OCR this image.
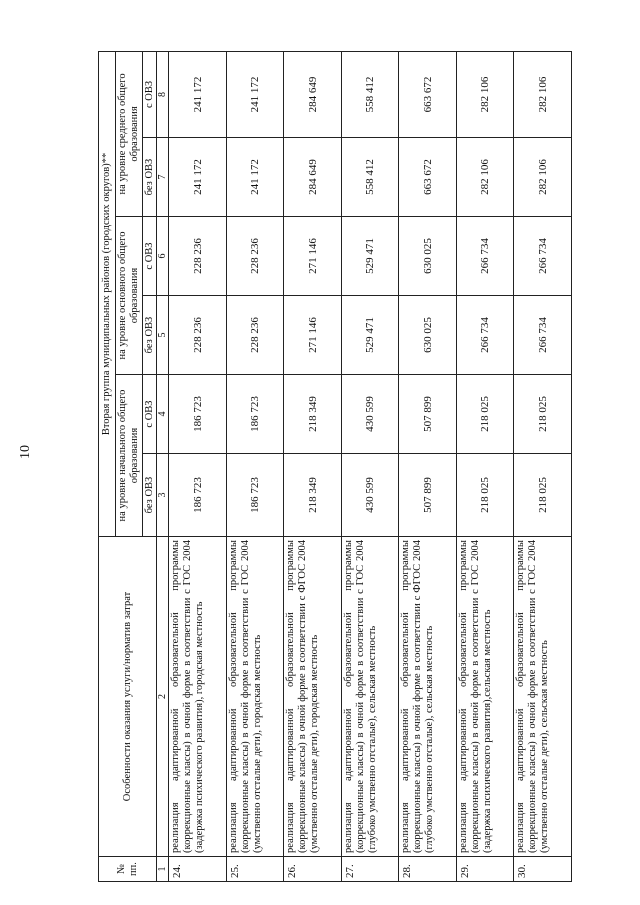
10
№ пп.	Особенности оказания услуги/норматив затрат	Вторая группа муниципальных районов (городских округов)**					
		на уровне начального общего образования		на уровне основного общего образования		на уровне среднего общего образования	
		без ОВЗ	с ОВЗ	без ОВЗ	с ОВЗ	без ОВЗ	с ОВЗ
1	2	3	4	5	6	7	8
24.	реализация адаптированной образовательной программы (коррекционные классы) в очной форме в соответствии с ГОС 2004 (задержка психического развития), городская местность	186 723	186 723	228 236	228 236	241 172	241 172
25.	реализация адаптированной образовательной программы (коррекционные классы) в очной форме в соответствии с ГОС 2004 (умственно отсталые дети), городская местность	186 723	186 723	228 236	228 236	241 172	241 172
26.	реализация адаптированной образовательной программы (коррекционные классы) в очной форме в соответствии с ФГОС 2004 (умственно отсталые дети), городская местность	218 349	218 349	271 146	271 146	284 649	284 649
27.	реализация адаптированной образовательной программы (коррекционные классы) в очной форме в соответствии с ГОС 2004 (глубоко умственно отсталые), сельская местность	430 599	430 599	529 471	529 471	558 412	558 412
28.	реализация адаптированной образовательной программы (коррекционные классы) в очной форме в соответствии с ФГОС 2004 (глубоко умственно отсталые), сельская местность	507 899	507 899	630 025	630 025	663 672	663 672
29.	реализация адаптированной образовательной программы (коррекционные классы) в очной форме в соответствии с ГОС 2004 (задержка психического развития),сельская местность	218 025	218 025	266 734	266 734	282 106	282 106
30.	реализация адаптированной образовательной программы (коррекционные классы) в очной форме в соответствии с ГОС 2004 (умственно отсталые дети), сельская местность	218 025	218 025	266 734	266 734	282 106	282 106
